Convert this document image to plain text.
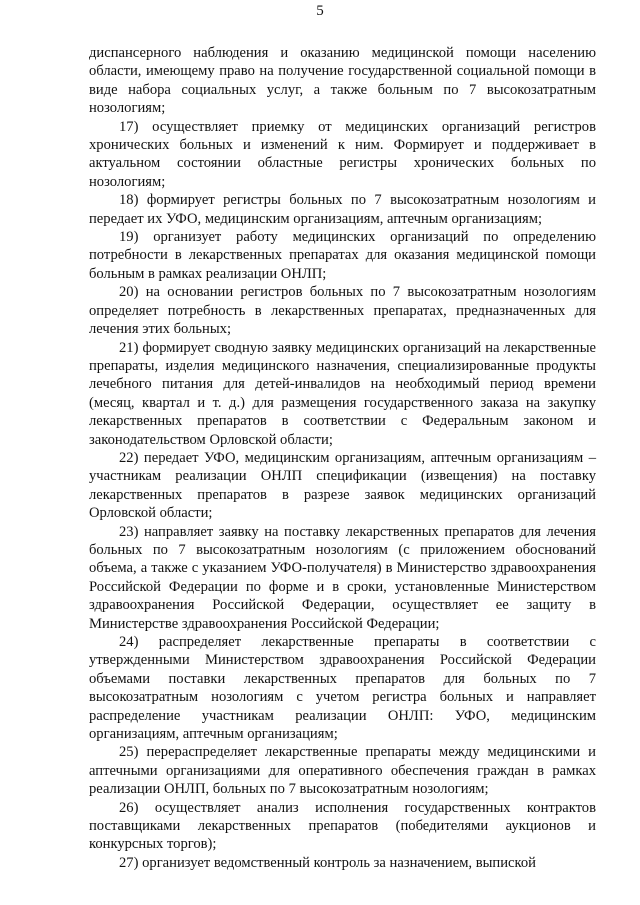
5

диспансерного наблюдения и оказанию медицинской помощи населению области, имеющему право на получение государственной социальной помощи в виде набора социальных услуг, а также больным по 7 высокозатратным нозологиям;

17) осуществляет приемку от медицинских организаций регистров хронических больных и изменений к ним. Формирует и поддерживает в актуальном состоянии областные регистры хронических больных по нозологиям;

18) формирует регистры больных по 7 высокозатратным нозологиям и передает их УФО, медицинским организациям, аптечным организациям;

19) организует работу медицинских организаций по определению потребности в лекарственных препаратах для оказания медицинской помощи больным в рамках реализации ОНЛП;

20) на основании регистров больных по 7 высокозатратным нозологиям определяет потребность в лекарственных препаратах, предназначенных для лечения этих больных;

21) формирует сводную заявку медицинских организаций на лекарственные препараты, изделия медицинского назначения, специализированные продукты лечебного питания для детей-инвалидов на необходимый период времени (месяц, квартал и т. д.) для размещения государственного заказа на закупку лекарственных препаратов в соответствии с Федеральным законом и законодательством Орловской области;

22) передает УФО, медицинским организациям, аптечным организациям – участникам реализации ОНЛП спецификации (извещения) на поставку лекарственных препаратов в разрезе заявок медицинских организаций Орловской области;

23) направляет заявку на поставку лекарственных препаратов для лечения больных по 7 высокозатратным нозологиям (с приложением обоснований объема, а также с указанием УФО-получателя) в Министерство здравоохранения Российской Федерации по форме и в сроки, установленные Министерством здравоохранения Российской Федерации, осуществляет ее защиту в Министерстве здравоохранения Российской Федерации;

24) распределяет лекарственные препараты в соответствии с утвержденными Министерством здравоохранения Российской Федерации объемами поставки лекарственных препаратов для больных по 7 высокозатратным нозологиям с учетом регистра больных и направляет распределение участникам реализации ОНЛП: УФО, медицинским организациям, аптечным организациям;

25) перераспределяет лекарственные препараты между медицинскими и аптечными организациями для оперативного обеспечения граждан в рамках реализации ОНЛП, больных по 7 высокозатратным нозологиям;

26) осуществляет анализ исполнения государственных контрактов поставщиками лекарственных препаратов (победителями аукционов и конкурсных торгов);

27) организует ведомственный контроль за назначением, выпиской
